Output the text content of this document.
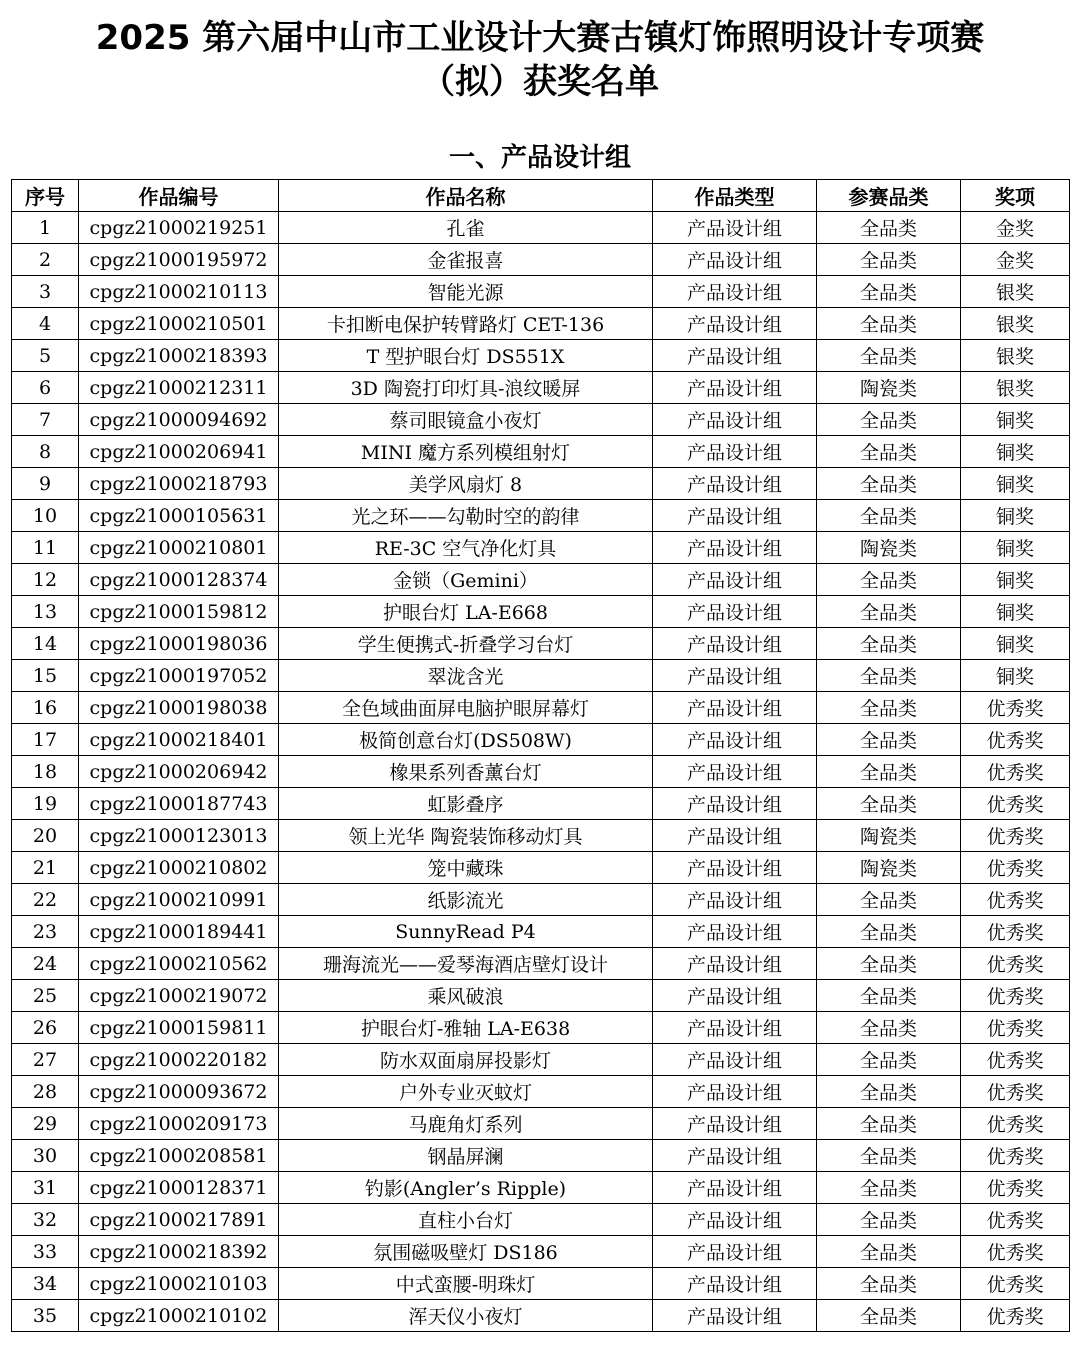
2025 第六届中山市工业设计大赛古镇灯饰照明设计专项赛
（拟）获奖名单
一、产品设计组
序号	作品编号	作品名称	作品类型	参赛品类	奖项
1	cpgz21000219251	孔雀	产品设计组	全品类	金奖
2	cpgz21000195972	金雀报喜	产品设计组	全品类	金奖
3	cpgz21000210113	智能光源	产品设计组	全品类	银奖
4	cpgz21000210501	卡扣断电保护转臂路灯 CET-136	产品设计组	全品类	银奖
5	cpgz21000218393	T 型护眼台灯 DS551X	产品设计组	全品类	银奖
6	cpgz21000212311	3D 陶瓷打印灯具-浪纹暖屏	产品设计组	陶瓷类	银奖
7	cpgz21000094692	蔡司眼镜盒小夜灯	产品设计组	全品类	铜奖
8	cpgz21000206941	MINI 魔方系列模组射灯	产品设计组	全品类	铜奖
9	cpgz21000218793	美学风扇灯 8	产品设计组	全品类	铜奖
10	cpgz21000105631	光之环——勾勒时空的韵律	产品设计组	全品类	铜奖
11	cpgz21000210801	RE-3C 空气净化灯具	产品设计组	陶瓷类	铜奖
12	cpgz21000128374	金锁（Gemini）	产品设计组	全品类	铜奖
13	cpgz21000159812	护眼台灯 LA-E668	产品设计组	全品类	铜奖
14	cpgz21000198036	学生便携式-折叠学习台灯	产品设计组	全品类	铜奖
15	cpgz21000197052	翠泷含光	产品设计组	全品类	铜奖
16	cpgz21000198038	全色域曲面屏电脑护眼屏幕灯	产品设计组	全品类	优秀奖
17	cpgz21000218401	极简创意台灯(DS508W)	产品设计组	全品类	优秀奖
18	cpgz21000206942	橡果系列香薰台灯	产品设计组	全品类	优秀奖
19	cpgz21000187743	虹影叠序	产品设计组	全品类	优秀奖
20	cpgz21000123013	领上光华 陶瓷装饰移动灯具	产品设计组	陶瓷类	优秀奖
21	cpgz21000210802	笼中藏珠	产品设计组	陶瓷类	优秀奖
22	cpgz21000210991	纸影流光	产品设计组	全品类	优秀奖
23	cpgz21000189441	SunnyRead P4	产品设计组	全品类	优秀奖
24	cpgz21000210562	珊海流光——爱琴海酒店壁灯设计	产品设计组	全品类	优秀奖
25	cpgz21000219072	乘风破浪	产品设计组	全品类	优秀奖
26	cpgz21000159811	护眼台灯-雅轴 LA-E638	产品设计组	全品类	优秀奖
27	cpgz21000220182	防水双面扇屏投影灯	产品设计组	全品类	优秀奖
28	cpgz21000093672	户外专业灭蚊灯	产品设计组	全品类	优秀奖
29	cpgz21000209173	马鹿角灯系列	产品设计组	全品类	优秀奖
30	cpgz21000208581	钢晶屏澜	产品设计组	全品类	优秀奖
31	cpgz21000128371	钓影(Angler’s Ripple)	产品设计组	全品类	优秀奖
32	cpgz21000217891	直柱小台灯	产品设计组	全品类	优秀奖
33	cpgz21000218392	氛围磁吸壁灯 DS186	产品设计组	全品类	优秀奖
34	cpgz21000210103	中式蛮腰-明珠灯	产品设计组	全品类	优秀奖
35	cpgz21000210102	浑天仪小夜灯	产品设计组	全品类	优秀奖
